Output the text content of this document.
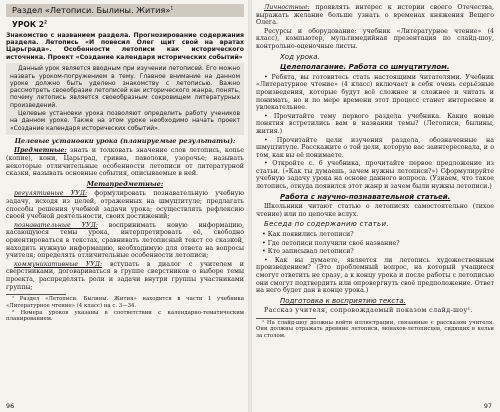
Раздел «Летописи. Былины. Жития»$^1$
УРОК $2^2$

Знакомство с названием раздела. Прогнозирование содержания раздела. Летопись «И повесил Олег щит свой на вратах Царьграда». Особенности летописи как исторического источника. Проект «Создание календаря исторических событий»

Данный урок является вводным при изучении летописей. Его можно назвать уроком-погружением в тему. Главное внимание на данном уроке должно быть уделено знакомству с летописью. Важно рассмотреть своеобразие летописей как исторического жанра, понять, почему летопись является своеобразным сокровищем литературных произведений.

Целевые установки урока позволяют определить работу учеников на данном уроке. Также на этом уроке необходимо начать проект «Создание календаря исторических событий».

Целевые установки урока (планируемые результаты):

Предметные: знать и толковать значение слов летопись, копье (копие), кони, Царьград, гривна, паволоки, узорочье; называть некоторые отличительные особенности летописи от литературной сказки, называть основные события, описываемые в ней.

Метапредметные:

регулятивные УУД: формулировать познавательную учебную задачу, исходя из целей, отраженных на шмуцтитуле; предлагать способы решения учебной задачи урока; осуществлять рефлексию своей учебной деятельности, своих достижений;

познавательные УУД: воспринимать новую информацию, касающуюся темы урока, интерпретировать её, свободно ориентироваться в текстах, сравнивать летописный текст со сказкой, находить нужную информацию, необходимую для ответа на вопросы учителя; определять отличительные особенности летописи;

коммуникативные УУД: вступать в диалог с учителем и сверстниками, договариваться в группе сверстников о выборе темы проекта, распределять роли и задачи внутри группы участниками группы;

¹ Раздел «Летописи. Былины. Жития» находится в части 1 учебника «Литературное чтение» (4 класс) на с. 3—34.

² Номера уроков указаны в соответствии с календарно-тематическим планированием.

96

Личностные: проявлять интерес к истории своего Отечества, выражать желание больше узнать о временах княжения Вещего Олега.

Ресурсы и оборудование: учебник «Литературное чтение» (4 класс), компьютер, мультимедийная презентация по слайд-шоу, контрольно-оценочные листы.

Ход урока.

Целеполагание. Работа со шмуцтитулом.

• Ребята, вы готовитесь стать настоящими читателями. Учебник «Литературное чтение» (4 класс) включает в себя очень серьёзные произведения, которые будут всё сложнее и сложнее и читать и понимать, но и по мере времени этот процесс станет интереснее и увлекательнее.

• Прочитайте тему первого раздела учебника. Какие новые понятия встретились вам в названии темы? (Летописи, былины, жития.)

• Прочитайте цели изучения раздела, обозначенные на шмуцтитуле. Расскажите о той цели, которую вас заинтересовала, и о том, как вы её понимаете.

• Откройте с. 6 учебника, прочитайте первое предложение из статьи. («Как ты думаешь, зачем нужны летописи?») Сформулируйте учебную задачу урока на основе данного вопроса. (Узнаем, что такое летопись, откуда появился этот жанр и зачем были нужны летописи.)

Работа с научно-познавательной статьей.

Школьники читают статью о летописях самостоятельно (тихое чтение) или по цепочке вслух.

Беседа по содержанию статьи.

• Как появились летописи?

• Где летописи получили своё название?

• Кто записывал летописи?

• Как вы думаете, является ли летопись художественным произведением? (Это проблемный вопрос, на который учащиеся смогут ответить не сразу, а к концу урока и после работы с летописью они смогут подтвердить или опровергнуть своё предположение. Ответ на него будет дан в конце урока.)

Подготовка к восприятию текста.

Рассказ учителя, сопровождаемый показом слайд-шоу¹.

¹ На слайд-шоу должны войти иллюстрации, связанные с рассказом учителя. Они должны отражать древние летописи, монахов-летописцев, сидящих в кельи за столом.

97
